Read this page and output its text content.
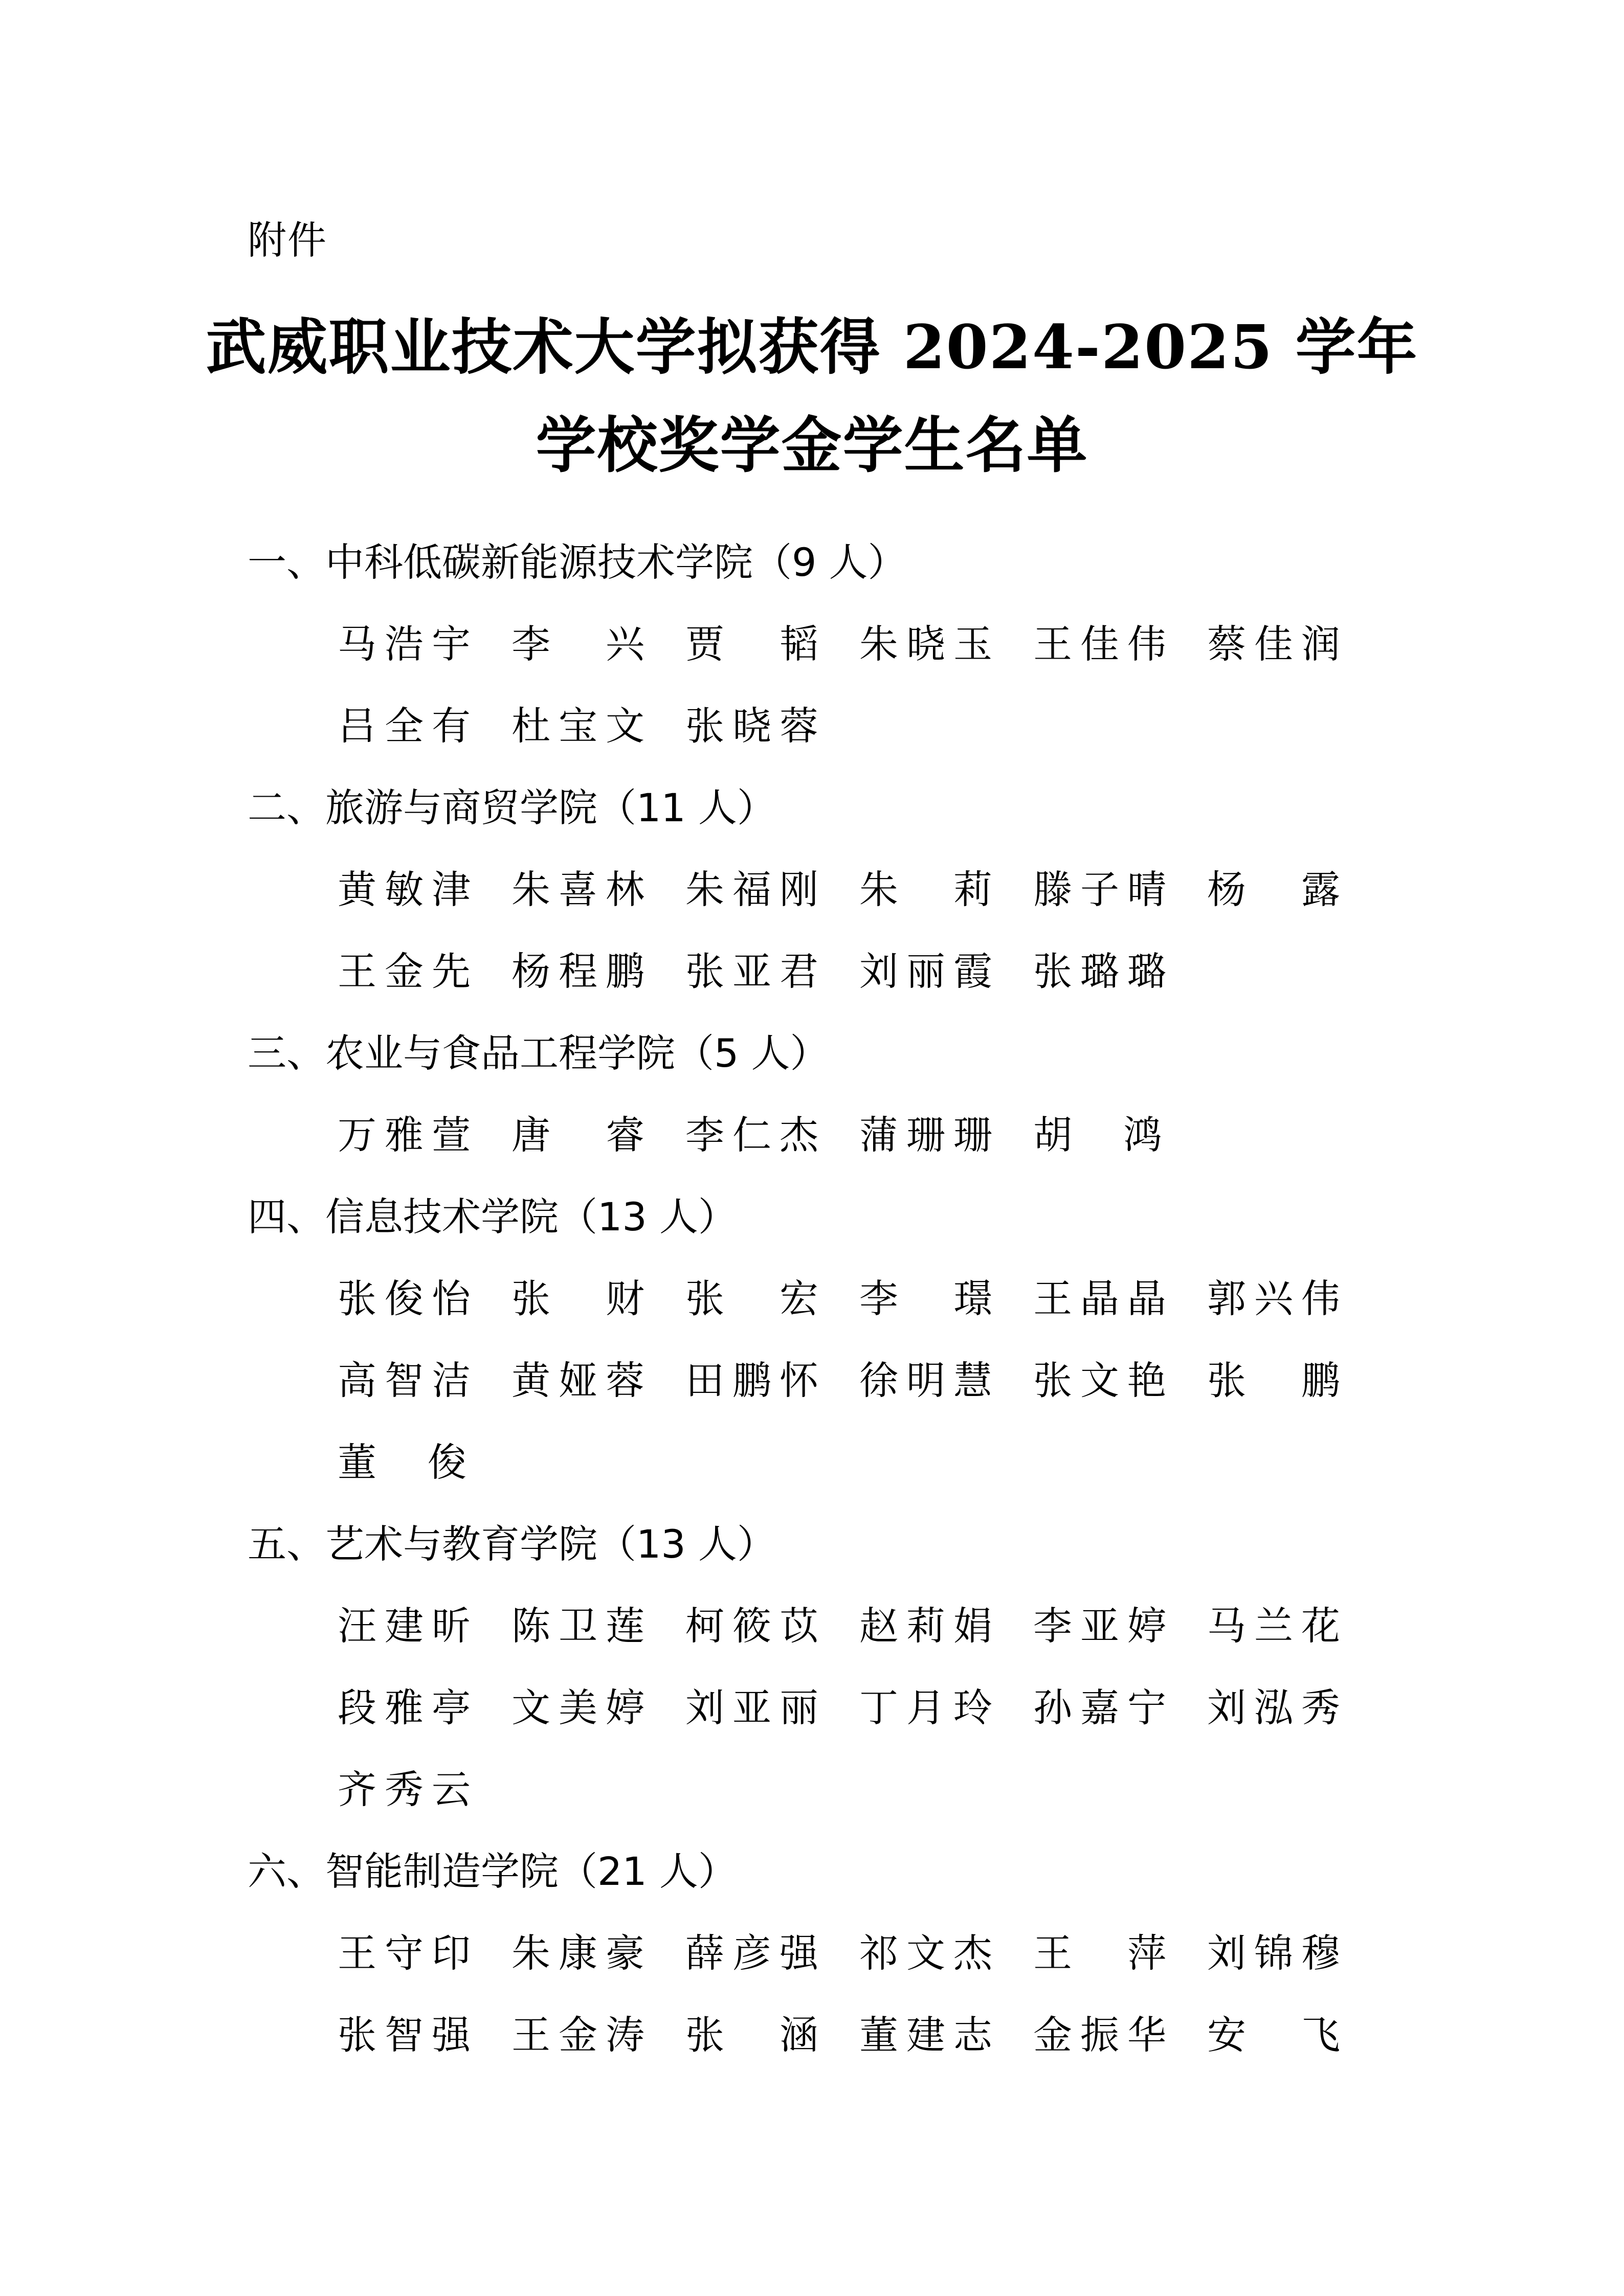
附件
武威职业技术大学拟获得 2024-2025 学年
学校奖学金学生名单
一、中科低碳新能源技术学院（9 人）
马浩宇 李兴 贾韬 朱晓玉 王佳伟 蔡佳润
吕全有 杜宝文 张晓蓉
二、旅游与商贸学院（11 人）
黄敏津 朱喜林 朱福刚 朱莉 滕子晴 杨露
王金先 杨程鹏 张亚君 刘丽霞 张璐璐
三、农业与食品工程学院（5 人）
万雅萱 唐睿 李仁杰 蒲珊珊 胡鸿
四、信息技术学院（13 人）
张俊怡 张财 张宏 李璟 王晶晶 郭兴伟
高智洁 黄娅蓉 田鹏怀 徐明慧 张文艳 张鹏
董俊
五、艺术与教育学院（13 人）
汪建昕 陈卫莲 柯筱苡 赵莉娟 李亚婷 马兰花
段雅亭 文美婷 刘亚丽 丁月玲 孙嘉宁 刘泓秀
齐秀云
六、智能制造学院（21 人）
王守印 朱康豪 薛彦强 祁文杰 王萍 刘锦穆
张智强 王金涛 张涵 董建志 金振华 安飞
